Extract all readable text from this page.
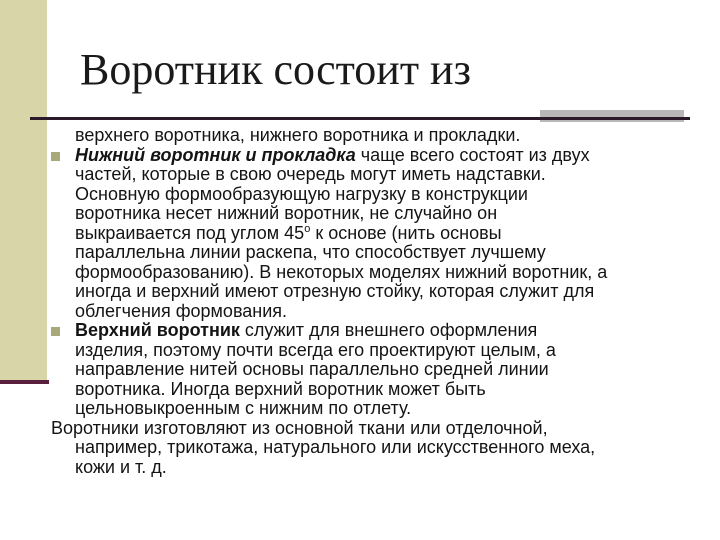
Воротник состоит из

верхнего воротника, нижнего воротника и прокладки.

Нижний воротник и прокладка чаще всего состоят из двух
частей, которые в свою очередь могут иметь надставки.
Основную формообразующую нагрузку в конструкции
воротника несет нижний воротник, не случайно он
выкраивается под углом $45^о$ к основе (нить основы
параллельна линии раскепа, что способствует лучшему
формообразованию). В некоторых моделях нижний воротник, а
иногда и верхний имеют отрезную стойку, которая служит для
облегчения формования.
Верхний воротник служит для внешнего оформления
изделия, поэтому почти всегда его проектируют целым, а
направление нитей основы параллельно средней линии
воротника. Иногда верхний воротник может быть
цельновыкроенным с нижним по отлету.
Воротники изготовляют из основной ткани или отделочной,
например, трикотажа, натурального или искусственного меха,
кожи и т. д.
